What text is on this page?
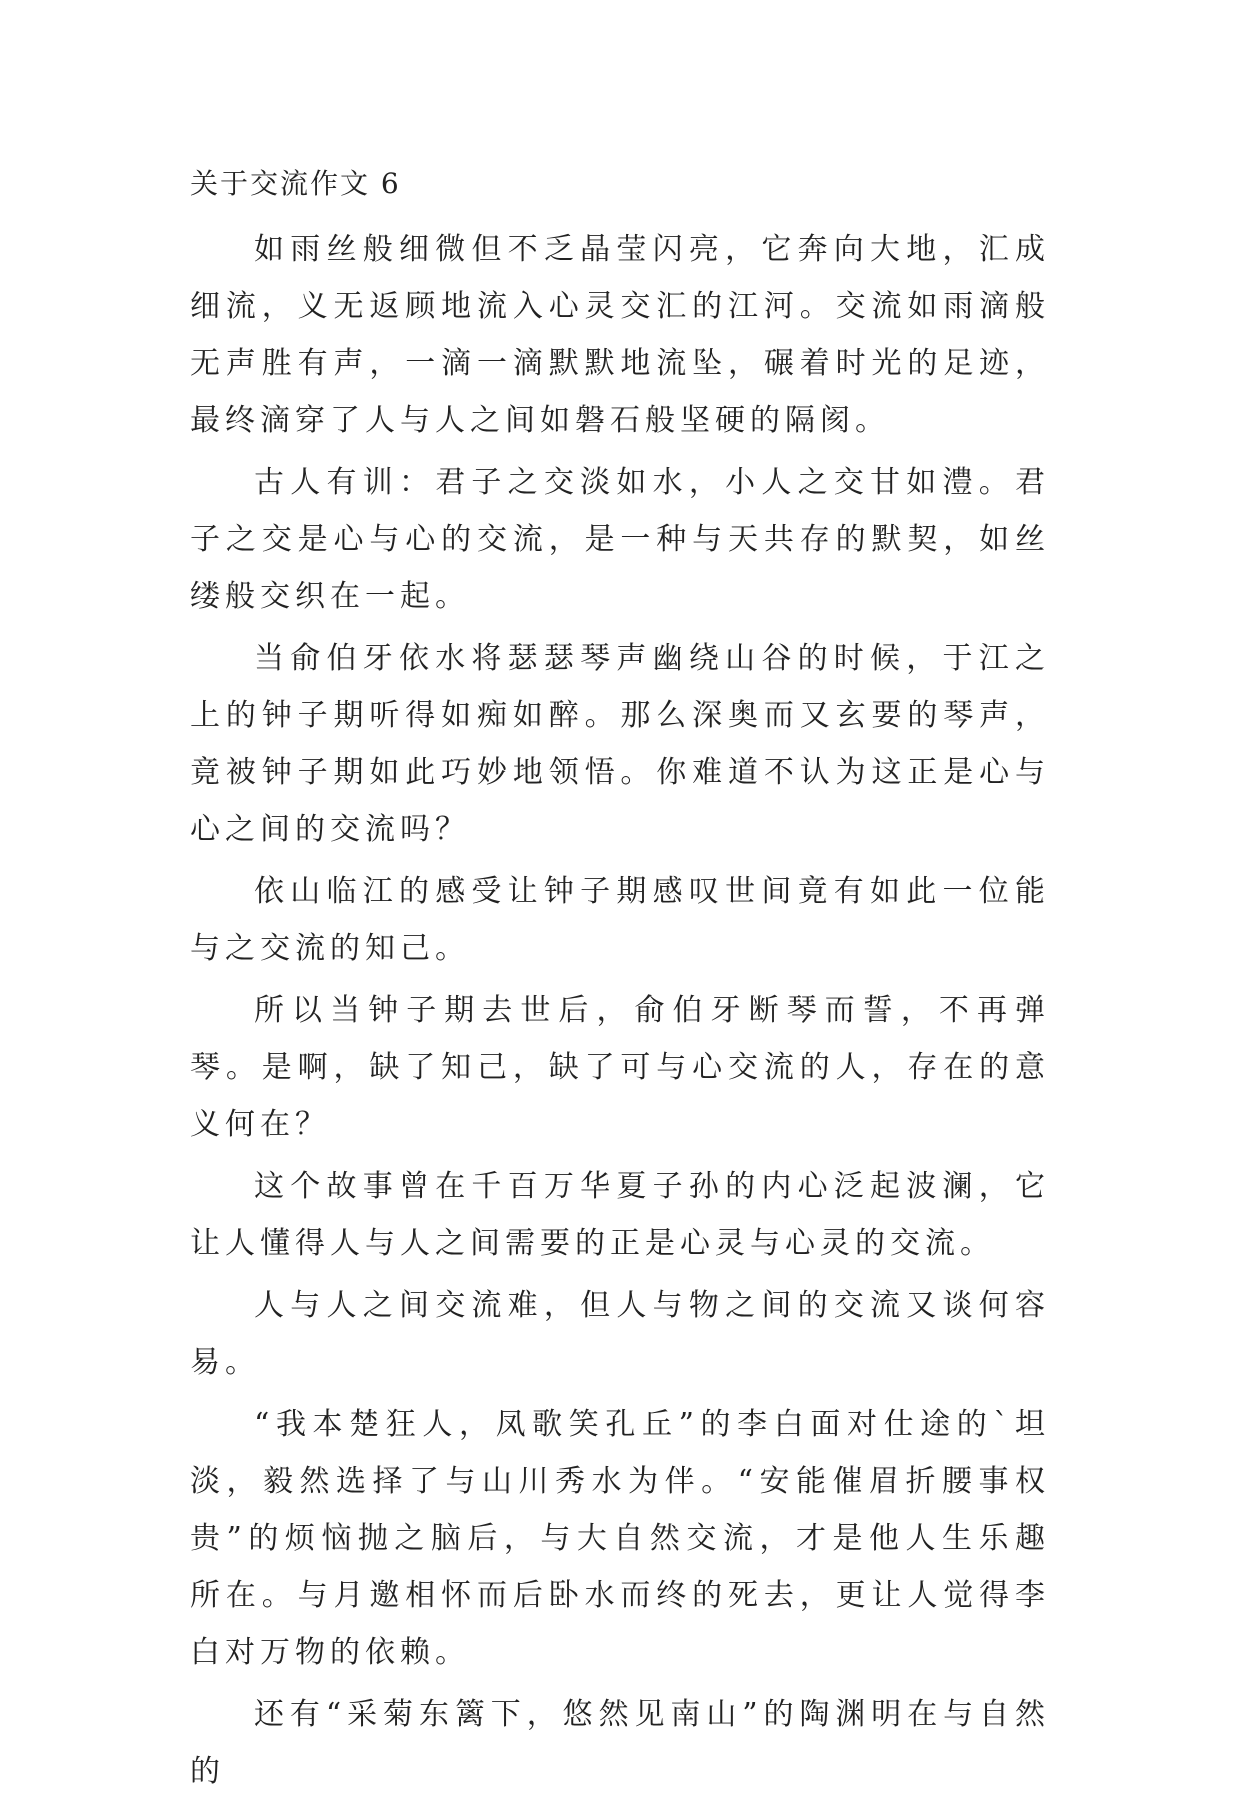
关于交流作文 6

如雨丝般细微但不乏晶莹闪亮，它奔向大地，汇成细流，义无返顾地流入心灵交汇的江河。交流如雨滴般无声胜有声，一滴一滴默默地流坠，碾着时光的足迹，最终滴穿了人与人之间如磐石般坚硬的隔阂。

古人有训：君子之交淡如水，小人之交甘如澧。君子之交是心与心的交流，是一种与天共存的默契，如丝缕般交织在一起。

当俞伯牙依水将瑟瑟琴声幽绕山谷的时候，于江之上的钟子期听得如痴如醉。那么深奥而又玄要的琴声，竟被钟子期如此巧妙地领悟。你难道不认为这正是心与心之间的交流吗？

依山临江的感受让钟子期感叹世间竟有如此一位能与之交流的知己。

所以当钟子期去世后，俞伯牙断琴而誓，不再弹琴。是啊，缺了知己，缺了可与心交流的人，存在的意义何在？

这个故事曾在千百万华夏子孙的内心泛起波澜，它让人懂得人与人之间需要的正是心灵与心灵的交流。

人与人之间交流难，但人与物之间的交流又谈何容易。

“我本楚狂人，凤歌笑孔丘”的李白面对仕途的`坦淡，毅然选择了与山川秀水为伴。“安能催眉折腰事权贵”的烦恼抛之脑后，与大自然交流，才是他人生乐趣所在。与月邀相怀而后卧水而终的死去，更让人觉得李白对万物的依赖。

还有“采菊东篱下，悠然见南山”的陶渊明在与自然的
